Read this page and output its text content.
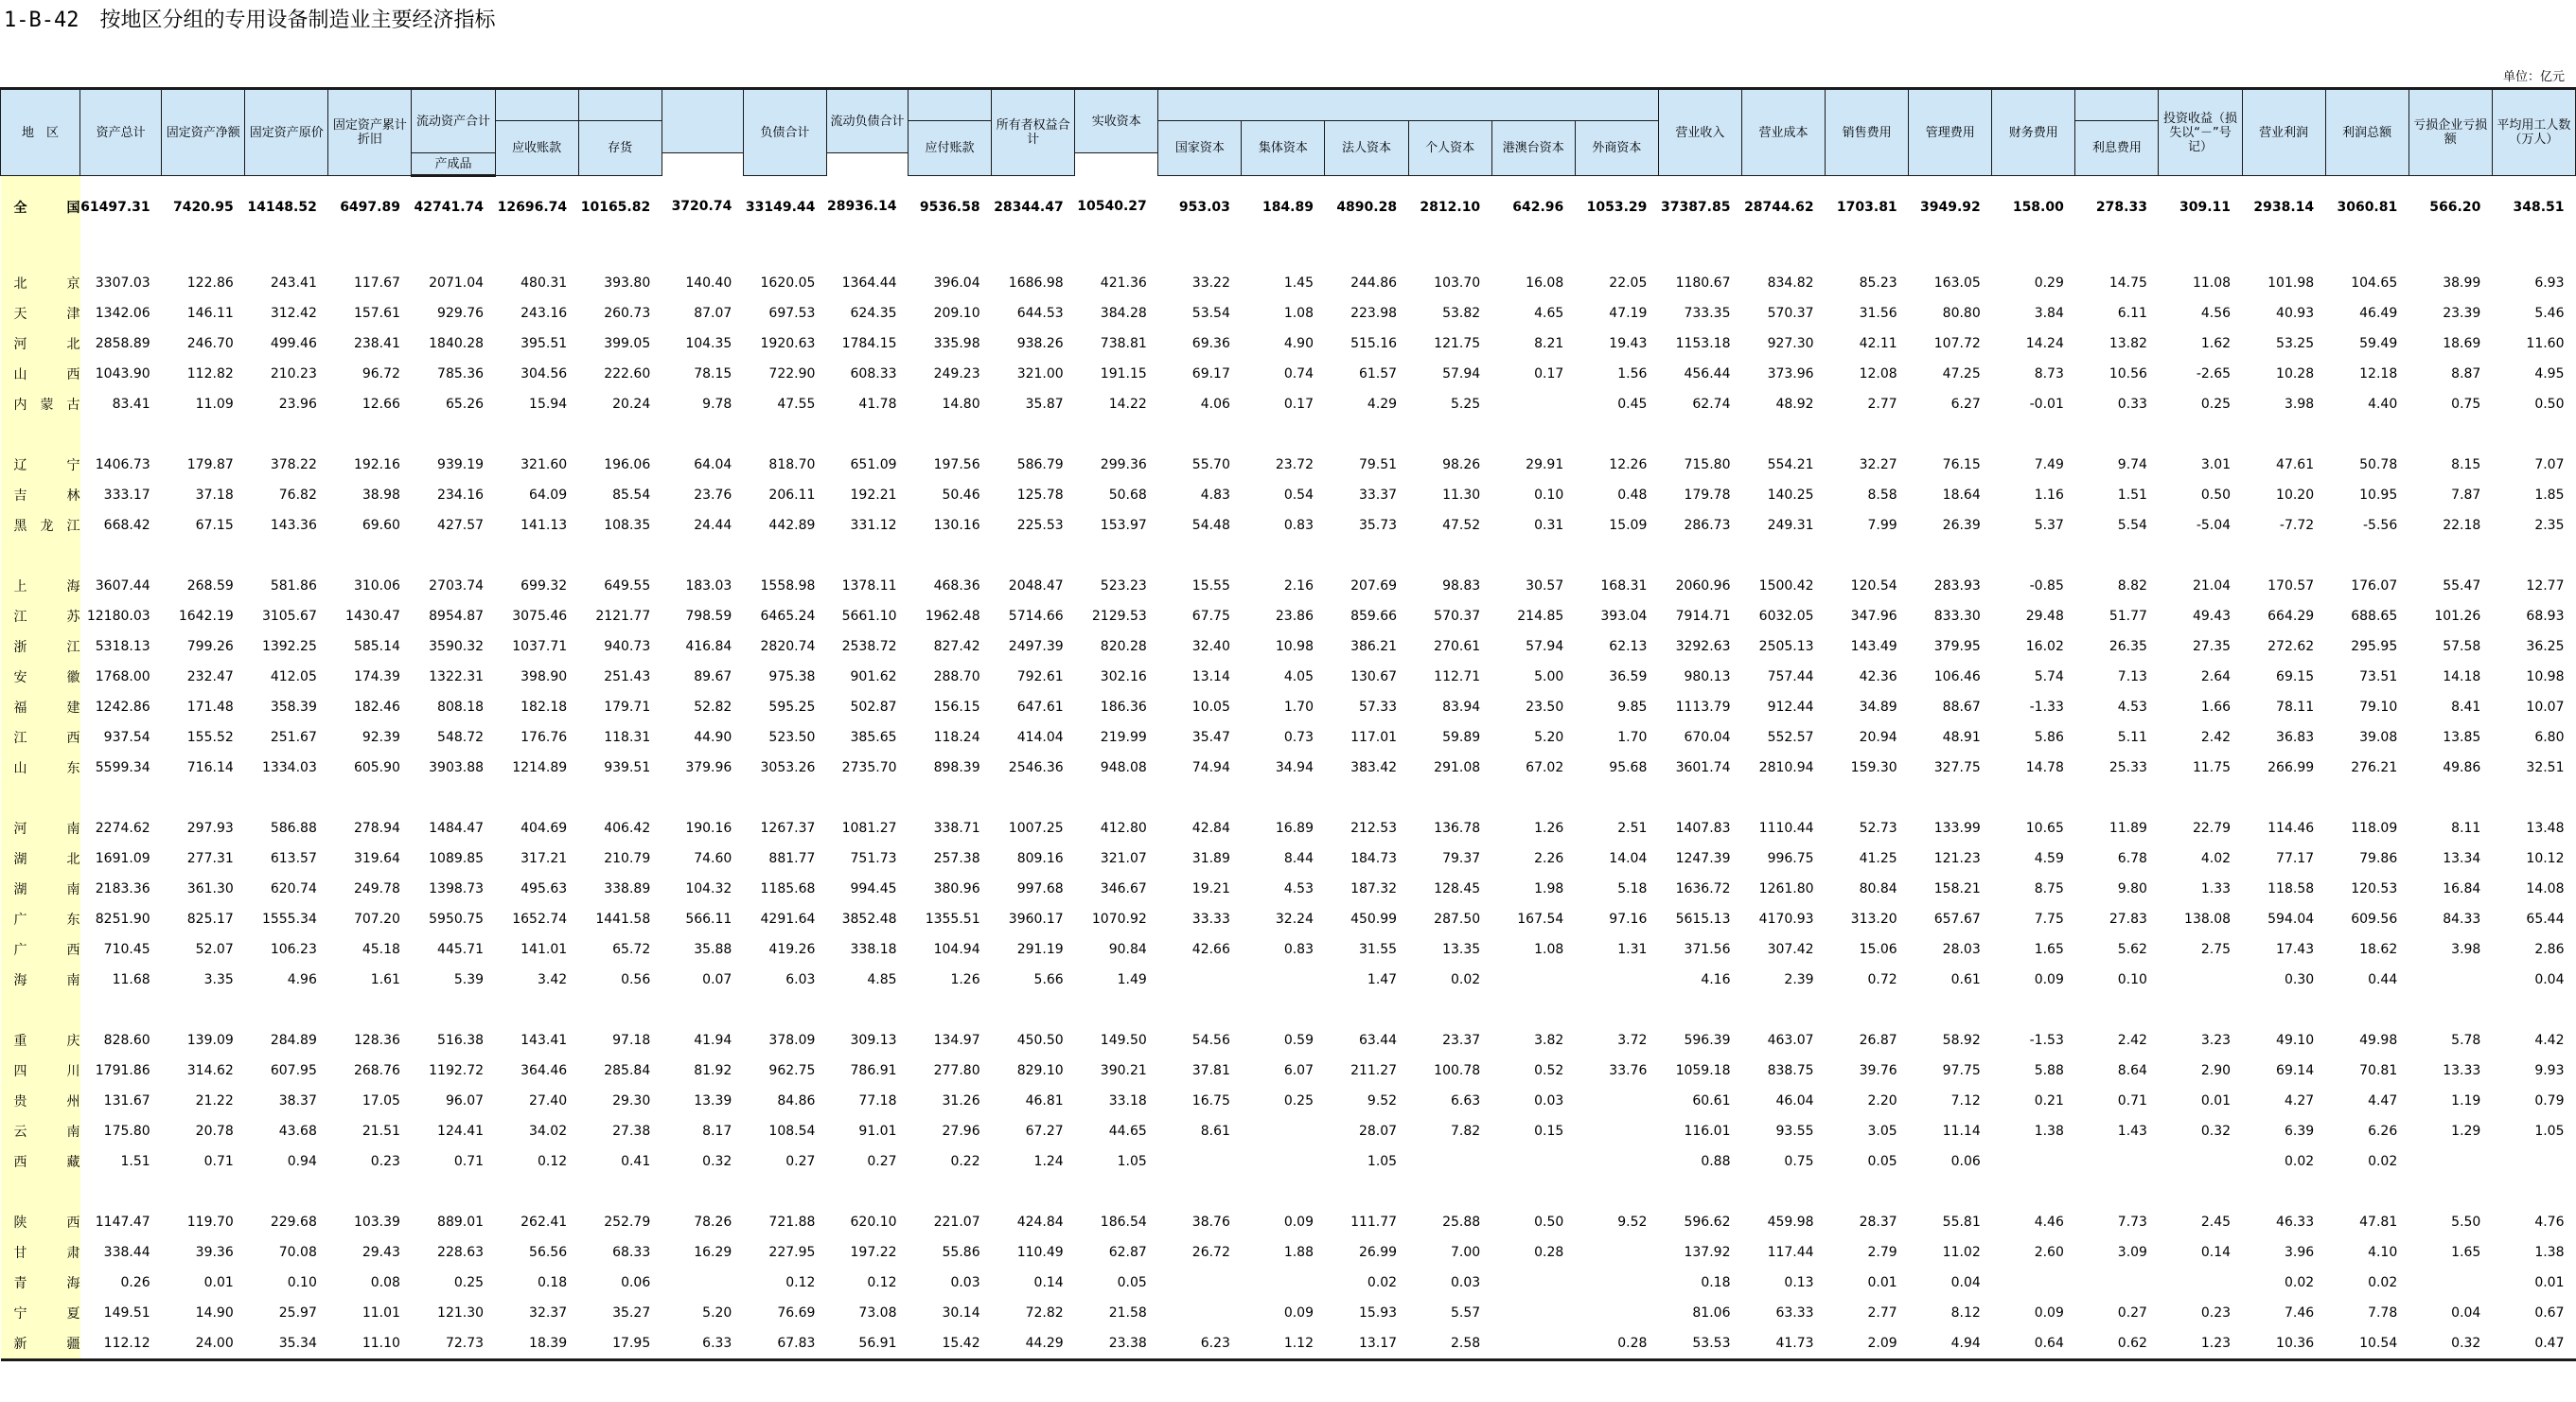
1-B-42 按地区分组的专用设备制造业主要经济指标
单位：亿元
地　区	资产总计	固定资产净额	固定资产原价	固定资产累计折旧	流动资产合计				负债合计	流动负债合计		所有者权益合计	实收资本							营业收入	营业成本	销售费用	管理费用	财务费用		投资收益（损失以“－”号记）	营业利润	利润总额	亏损企业亏损额	平均用工人数（万人）
						应收账款	存货				应付账款			国家资本	集体资本	法人资本	个人资本	港澳台资本	外商资本						利息费用					
					产成品																									
全　国	61497.31	7420.95	14148.52	6497.89	42741.74	12696.74	10165.82	3720.74	33149.44	28936.14	9536.58	28344.47	10540.27	953.03	184.89	4890.28	2812.10	642.96	1053.29	37387.85	28744.62	1703.81	3949.92	158.00	278.33	309.11	2938.14	3060.81	566.20	348.51

北　京	3307.03	122.86	243.41	117.67	2071.04	480.31	393.80	140.40	1620.05	1364.44	396.04	1686.98	421.36	33.22	1.45	244.86	103.70	16.08	22.05	1180.67	834.82	85.23	163.05	0.29	14.75	11.08	101.98	104.65	38.99	6.93
天　津	1342.06	146.11	312.42	157.61	929.76	243.16	260.73	87.07	697.53	624.35	209.10	644.53	384.28	53.54	1.08	223.98	53.82	4.65	47.19	733.35	570.37	31.56	80.80	3.84	6.11	4.56	40.93	46.49	23.39	5.46
河　北	2858.89	246.70	499.46	238.41	1840.28	395.51	399.05	104.35	1920.63	1784.15	335.98	938.26	738.81	69.36	4.90	515.16	121.75	8.21	19.43	1153.18	927.30	42.11	107.72	14.24	13.82	1.62	53.25	59.49	18.69	11.60
山　西	1043.90	112.82	210.23	96.72	785.36	304.56	222.60	78.15	722.90	608.33	249.23	321.00	191.15	69.17	0.74	61.57	57.94	0.17	1.56	456.44	373.96	12.08	47.25	8.73	10.56	-2.65	10.28	12.18	8.87	4.95
内蒙古	83.41	11.09	23.96	12.66	65.26	15.94	20.24	9.78	47.55	41.78	14.80	35.87	14.22	4.06	0.17	4.29	5.25		0.45	62.74	48.92	2.77	6.27	-0.01	0.33	0.25	3.98	4.40	0.75	0.50

辽　宁	1406.73	179.87	378.22	192.16	939.19	321.60	196.06	64.04	818.70	651.09	197.56	586.79	299.36	55.70	23.72	79.51	98.26	29.91	12.26	715.80	554.21	32.27	76.15	7.49	9.74	3.01	47.61	50.78	8.15	7.07
吉　林	333.17	37.18	76.82	38.98	234.16	64.09	85.54	23.76	206.11	192.21	50.46	125.78	50.68	4.83	0.54	33.37	11.30	0.10	0.48	179.78	140.25	8.58	18.64	1.16	1.51	0.50	10.20	10.95	7.87	1.85
黑龙江	668.42	67.15	143.36	69.60	427.57	141.13	108.35	24.44	442.89	331.12	130.16	225.53	153.97	54.48	0.83	35.73	47.52	0.31	15.09	286.73	249.31	7.99	26.39	5.37	5.54	-5.04	-7.72	-5.56	22.18	2.35

上　海	3607.44	268.59	581.86	310.06	2703.74	699.32	649.55	183.03	1558.98	1378.11	468.36	2048.47	523.23	15.55	2.16	207.69	98.83	30.57	168.31	2060.96	1500.42	120.54	283.93	-0.85	8.82	21.04	170.57	176.07	55.47	12.77
江　苏	12180.03	1642.19	3105.67	1430.47	8954.87	3075.46	2121.77	798.59	6465.24	5661.10	1962.48	5714.66	2129.53	67.75	23.86	859.66	570.37	214.85	393.04	7914.71	6032.05	347.96	833.30	29.48	51.77	49.43	664.29	688.65	101.26	68.93
浙　江	5318.13	799.26	1392.25	585.14	3590.32	1037.71	940.73	416.84	2820.74	2538.72	827.42	2497.39	820.28	32.40	10.98	386.21	270.61	57.94	62.13	3292.63	2505.13	143.49	379.95	16.02	26.35	27.35	272.62	295.95	57.58	36.25
安　徽	1768.00	232.47	412.05	174.39	1322.31	398.90	251.43	89.67	975.38	901.62	288.70	792.61	302.16	13.14	4.05	130.67	112.71	5.00	36.59	980.13	757.44	42.36	106.46	5.74	7.13	2.64	69.15	73.51	14.18	10.98
福　建	1242.86	171.48	358.39	182.46	808.18	182.18	179.71	52.82	595.25	502.87	156.15	647.61	186.36	10.05	1.70	57.33	83.94	23.50	9.85	1113.79	912.44	34.89	88.67	-1.33	4.53	1.66	78.11	79.10	8.41	10.07
江　西	937.54	155.52	251.67	92.39	548.72	176.76	118.31	44.90	523.50	385.65	118.24	414.04	219.99	35.47	0.73	117.01	59.89	5.20	1.70	670.04	552.57	20.94	48.91	5.86	5.11	2.42	36.83	39.08	13.85	6.80
山　东	5599.34	716.14	1334.03	605.90	3903.88	1214.89	939.51	379.96	3053.26	2735.70	898.39	2546.36	948.08	74.94	34.94	383.42	291.08	67.02	95.68	3601.74	2810.94	159.30	327.75	14.78	25.33	11.75	266.99	276.21	49.86	32.51

河　南	2274.62	297.93	586.88	278.94	1484.47	404.69	406.42	190.16	1267.37	1081.27	338.71	1007.25	412.80	42.84	16.89	212.53	136.78	1.26	2.51	1407.83	1110.44	52.73	133.99	10.65	11.89	22.79	114.46	118.09	8.11	13.48
湖　北	1691.09	277.31	613.57	319.64	1089.85	317.21	210.79	74.60	881.77	751.73	257.38	809.16	321.07	31.89	8.44	184.73	79.37	2.26	14.04	1247.39	996.75	41.25	121.23	4.59	6.78	4.02	77.17	79.86	13.34	10.12
湖　南	2183.36	361.30	620.74	249.78	1398.73	495.63	338.89	104.32	1185.68	994.45	380.96	997.68	346.67	19.21	4.53	187.32	128.45	1.98	5.18	1636.72	1261.80	80.84	158.21	8.75	9.80	1.33	118.58	120.53	16.84	14.08
广　东	8251.90	825.17	1555.34	707.20	5950.75	1652.74	1441.58	566.11	4291.64	3852.48	1355.51	3960.17	1070.92	33.33	32.24	450.99	287.50	167.54	97.16	5615.13	4170.93	313.20	657.67	7.75	27.83	138.08	594.04	609.56	84.33	65.44
广　西	710.45	52.07	106.23	45.18	445.71	141.01	65.72	35.88	419.26	338.18	104.94	291.19	90.84	42.66	0.83	31.55	13.35	1.08	1.31	371.56	307.42	15.06	28.03	1.65	5.62	2.75	17.43	18.62	3.98	2.86
海　南	11.68	3.35	4.96	1.61	5.39	3.42	0.56	0.07	6.03	4.85	1.26	5.66	1.49			1.47	0.02			4.16	2.39	0.72	0.61	0.09	0.10		0.30	0.44		0.04

重　庆	828.60	139.09	284.89	128.36	516.38	143.41	97.18	41.94	378.09	309.13	134.97	450.50	149.50	54.56	0.59	63.44	23.37	3.82	3.72	596.39	463.07	26.87	58.92	-1.53	2.42	3.23	49.10	49.98	5.78	4.42
四　川	1791.86	314.62	607.95	268.76	1192.72	364.46	285.84	81.92	962.75	786.91	277.80	829.10	390.21	37.81	6.07	211.27	100.78	0.52	33.76	1059.18	838.75	39.76	97.75	5.88	8.64	2.90	69.14	70.81	13.33	9.93
贵　州	131.67	21.22	38.37	17.05	96.07	27.40	29.30	13.39	84.86	77.18	31.26	46.81	33.18	16.75	0.25	9.52	6.63	0.03		60.61	46.04	2.20	7.12	0.21	0.71	0.01	4.27	4.47	1.19	0.79
云　南	175.80	20.78	43.68	21.51	124.41	34.02	27.38	8.17	108.54	91.01	27.96	67.27	44.65	8.61		28.07	7.82	0.15		116.01	93.55	3.05	11.14	1.38	1.43	0.32	6.39	6.26	1.29	1.05
西　藏	1.51	0.71	0.94	0.23	0.71	0.12	0.41	0.32	0.27	0.27	0.22	1.24	1.05			1.05				0.88	0.75	0.05	0.06				0.02	0.02		

陕　西	1147.47	119.70	229.68	103.39	889.01	262.41	252.79	78.26	721.88	620.10	221.07	424.84	186.54	38.76	0.09	111.77	25.88	0.50	9.52	596.62	459.98	28.37	55.81	4.46	7.73	2.45	46.33	47.81	5.50	4.76
甘　肃	338.44	39.36	70.08	29.43	228.63	56.56	68.33	16.29	227.95	197.22	55.86	110.49	62.87	26.72	1.88	26.99	7.00	0.28		137.92	117.44	2.79	11.02	2.60	3.09	0.14	3.96	4.10	1.65	1.38
青　海	0.26	0.01	0.10	0.08	0.25	0.18	0.06		0.12	0.12	0.03	0.14	0.05			0.02	0.03			0.18	0.13	0.01	0.04				0.02	0.02		0.01
宁　夏	149.51	14.90	25.97	11.01	121.30	32.37	35.27	5.20	76.69	73.08	30.14	72.82	21.58		0.09	15.93	5.57			81.06	63.33	2.77	8.12	0.09	0.27	0.23	7.46	7.78	0.04	0.67
新　疆	112.12	24.00	35.34	11.10	72.73	18.39	17.95	6.33	67.83	56.91	15.42	44.29	23.38	6.23	1.12	13.17	2.58		0.28	53.53	41.73	2.09	4.94	0.64	0.62	1.23	10.36	10.54	0.32	0.47
